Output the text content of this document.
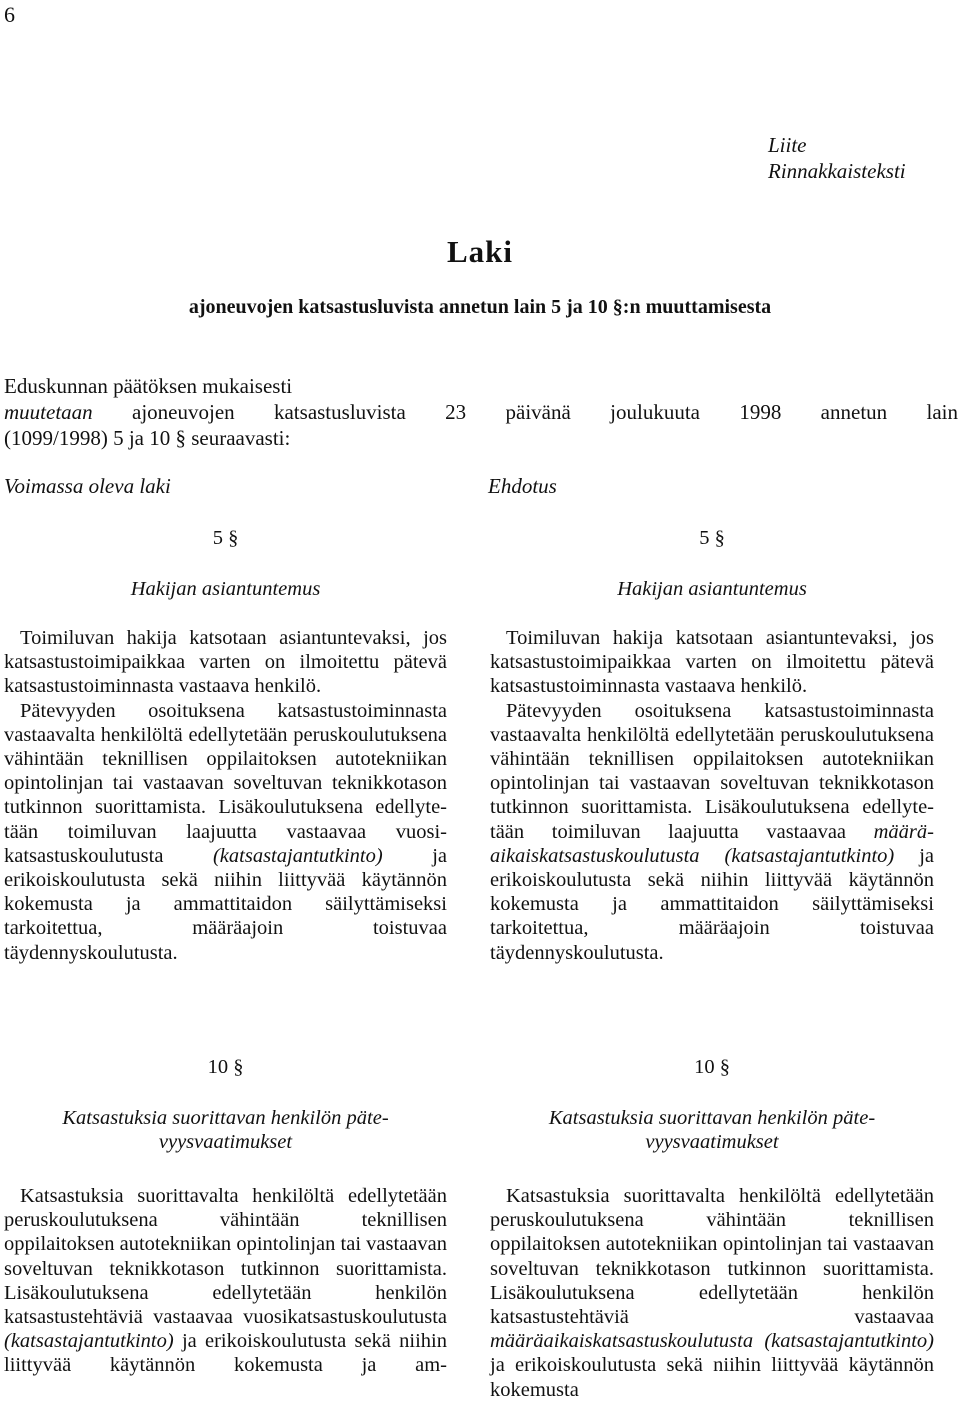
6
Liite
Rinnakkaisteksti
Laki
ajoneuvojen katsastusluvista annetun lain 5 ja 10 §:n muuttamisesta
Eduskunnan päätöksen mukaisesti
muutetaan ajoneuvojen katsastusluvista 23 päivänä joulukuuta 1998 annetun lain
(1099/1998) 5 ja 10 § seuraavasti:
Voimassa oleva laki	Ehdotus
5 §
Hakijan asiantuntemus

Toimiluvan hakija katsotaan asiantuntevaksi, jos katsastustoimipaikkaa varten on ilmoitettu pätevä katsastustoiminnasta vastaava henkilö.

Pätevyyden osoituksena katsastustoiminnasta vastaavalta henkilöltä edellytetään peruskoulutuksena vähintään teknillisen oppilaitoksen autotekniikan opintolinjan tai vastaavan soveltuvan teknikkotason tutkinnon suorittamista. Lisäkoulutuksena edellytetään toimiluvan laajuutta vastaavaa vuosikatsastuskoulutusta (katsastajantutkinto) ja erikoiskoulutusta sekä niihin liittyvää käytännön kokemusta ja ammattitaidon säilyttämiseksi tarkoitettua, määräajoin toistuvaa täydennyskoulutusta.

10 §
Katsastuksia suorittavan henkilön pätevyysvaatimukset

Katsastuksia suorittavalta henkilöltä edellytetään peruskoulutuksena vähintään teknillisen oppilaitoksen autotekniikan opintolinjan tai vastaavan soveltuvan teknikkotason tutkinnon suorittamista. Lisäkoulutuksena edellytetään henkilön katsastustehtäviä vastaavaa vuosikatsastuskoulutusta (katsastajantutkinto) ja erikoiskoulutusta sekä niihin liittyvää käytännön kokemusta ja am-

5 §
Hakijan asiantuntemus

Toimiluvan hakija katsotaan asiantuntevaksi, jos katsastustoimipaikkaa varten on ilmoitettu pätevä katsastustoiminnasta vastaava henkilö.

Pätevyyden osoituksena katsastustoiminnasta vastaavalta henkilöltä edellytetään peruskoulutuksena vähintään teknillisen oppilaitoksen autotekniikan opintolinjan tai vastaavan soveltuvan teknikkotason tutkinnon suorittamista. Lisäkoulutuksena edellytetään toimiluvan laajuutta vastaavaa määräaikaiskatsastuskoulutusta (katsastajantutkinto) ja erikoiskoulutusta sekä niihin liittyvää käytännön kokemusta ja ammattitaidon säilyttämiseksi tarkoitettua, määräajoin toistuvaa täydennyskoulutusta.

10 §
Katsastuksia suorittavan henkilön pätevyysvaatimukset

Katsastuksia suorittavalta henkilöltä edellytetään peruskoulutuksena vähintään teknillisen oppilaitoksen autotekniikan opintolinjan tai vastaavan soveltuvan teknikkotason tutkinnon suorittamista. Lisäkoulutuksena edellytetään henkilön katsastustehtäviä vastaavaa määräaikaiskatsastuskoulutusta (katsastajantutkinto) ja erikoiskoulutusta sekä niihin liittyvää käytännön kokemusta
